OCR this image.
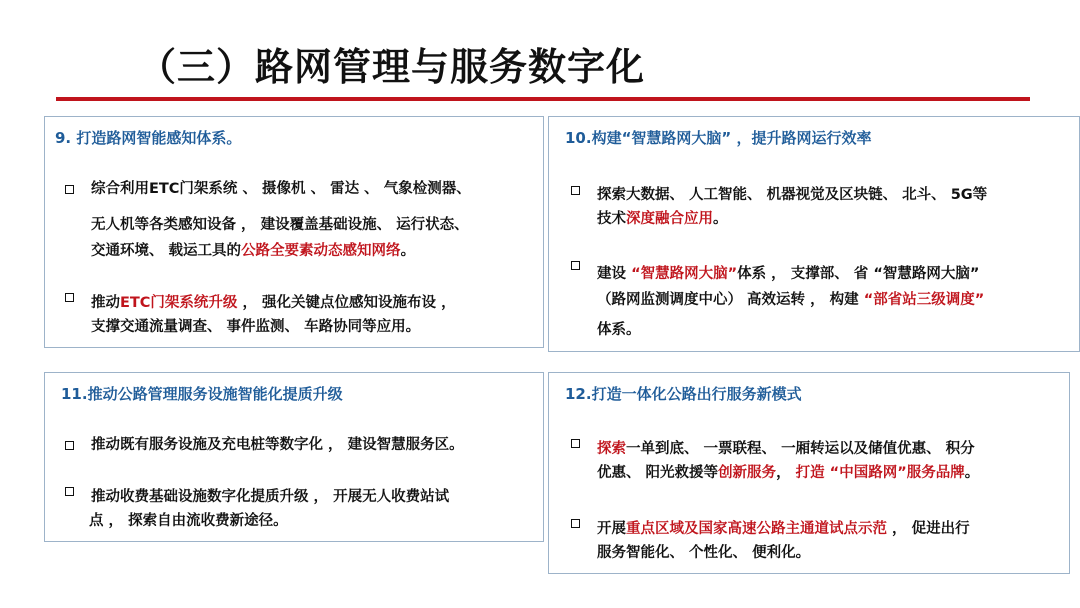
（三）路网管理与服务数字化
9. 打造路网智能感知体系。
综合利用ETC门架系统 、 摄像机 、 雷达 、 气象检测器、
无人机等各类感知设备 ， 建设覆盖基础设施、 运行状态、
交通环境、 载运工具的公路全要素动态感知网络。
推动ETC门架系统升级 ， 强化关键点位感知设施布设 ，
支撑交通流量调查、 事件监测、 车路协同等应用。
10.构建“智慧路网大脑” ，提升路网运行效率
探索大数据、 人工智能、 机器视觉及区块链、 北斗、 5G等
技术深度融合应用。
建设 “智慧路网大脑”体系 ， 支撑部、 省 “智慧路网大脑”
（路网监测调度中心） 高效运转 ， 构建 “部省站三级调度”
体系。
11.推动公路管理服务设施智能化提质升级
推动既有服务设施及充电桩等数字化 ， 建设智慧服务区。
推动收费基础设施数字化提质升级 ， 开展无人收费站试
点 ， 探索自由流收费新途径。
12.打造一体化公路出行服务新模式
探索一单到底、 一票联程、 一厢转运以及储值优惠、 积分
优惠、 阳光救援等创新服务， 打造 “中国路网”服务品牌。
开展重点区域及国家高速公路主通道试点示范 ， 促进出行
服务智能化、 个性化、 便利化。
